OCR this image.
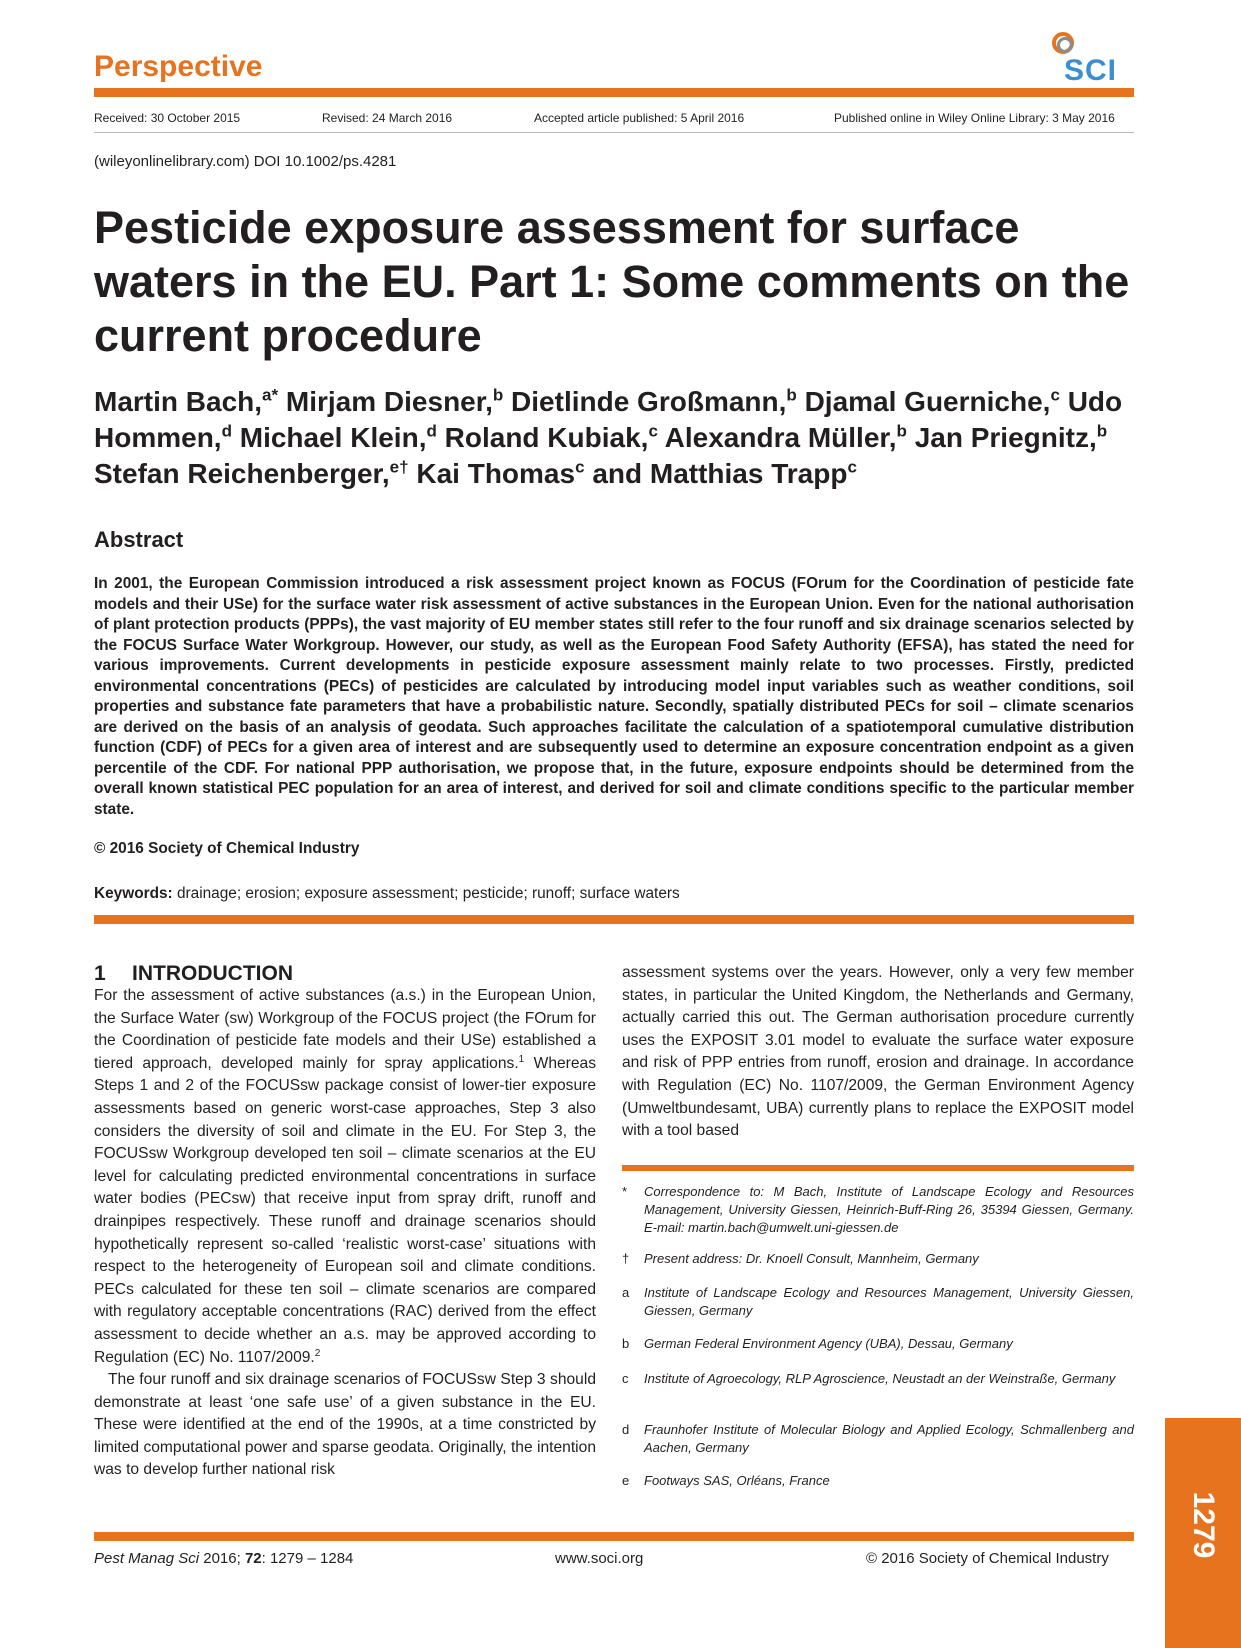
Perspective	SCI
Received: 30 October 2015	Revised: 24 March 2016	Accepted article published: 5 April 2016	Published online in Wiley Online Library: 3 May 2016
(wileyonlinelibrary.com) DOI 10.1002/ps.4281
Pesticide exposure assessment for surface waters in the EU. Part 1: Some comments on the current procedure
Martin Bach,$^{a*}$ Mirjam Diesner,$^b$ Dietlinde Großmann,$^b$ Djamal Guerniche,$^c$ Udo Hommen,$^d$ Michael Klein,$^d$ Roland Kubiak,$^c$ Alexandra Müller,$^b$ Jan Priegnitz,$^b$ Stefan Reichenberger,$^{e\dagger}$ Kai Thomas$^c$ and Matthias Trapp$^c$
Abstract
In 2001, the European Commission introduced a risk assessment project known as FOCUS (FOrum for the Coordination of pesticide fate models and their USe) for the surface water risk assessment of active substances in the European Union. Even for the national authorisation of plant protection products (PPPs), the vast majority of EU member states still refer to the four runoff and six drainage scenarios selected by the FOCUS Surface Water Workgroup. However, our study, as well as the European Food Safety Authority (EFSA), has stated the need for various improvements. Current developments in pesticide exposure assessment mainly relate to two processes. Firstly, predicted environmental concentrations (PECs) of pesticides are calculated by introducing model input variables such as weather conditions, soil properties and substance fate parameters that have a probabilistic nature. Secondly, spatially distributed PECs for soil – climate scenarios are derived on the basis of an analysis of geodata. Such approaches facilitate the calculation of a spatiotemporal cumulative distribution function (CDF) of PECs for a given area of interest and are subsequently used to determine an exposure concentration endpoint as a given percentile of the CDF. For national PPP authorisation, we propose that, in the future, exposure endpoints should be determined from the overall known statistical PEC population for an area of interest, and derived for soil and climate conditions specific to the particular member state.
© 2016 Society of Chemical Industry
Keywords: drainage; erosion; exposure assessment; pesticide; runoff; surface waters
1 INTRODUCTION

For the assessment of active substances (a.s.) in the European Union, the Surface Water (sw) Workgroup of the FOCUS project (the FOrum for the Coordination of pesticide fate models and their USe) established a tiered approach, developed mainly for spray applications.$^1$ Whereas Steps 1 and 2 of the FOCUSsw package consist of lower-tier exposure assessments based on generic worst-case approaches, Step 3 also considers the diversity of soil and climate in the EU. For Step 3, the FOCUSsw Workgroup developed ten soil – climate scenarios at the EU level for calculating predicted environmental concentrations in surface water bodies (PECsw) that receive input from spray drift, runoff and drainpipes respectively. These runoff and drainage scenarios should hypothetically represent so-called ‘realistic worst-case’ situations with respect to the heterogeneity of European soil and climate conditions. PECs calculated for these ten soil – climate scenarios are compared with regulatory acceptable concentrations (RAC) derived from the effect assessment to decide whether an a.s. may be approved according to Regulation (EC) No. 1107/2009.$^2$

The four runoff and six drainage scenarios of FOCUSsw Step 3 should demonstrate at least ‘one safe use’ of a given substance in the EU. These were identified at the end of the 1990s, at a time constricted by limited computational power and sparse geodata. Originally, the intention was to develop further national risk

assessment systems over the years. However, only a very few member states, in particular the United Kingdom, the Netherlands and Germany, actually carried this out. The German authorisation procedure currently uses the EXPOSIT 3.01 model to evaluate the surface water exposure and risk of PPP entries from runoff, erosion and drainage. In accordance with Regulation (EC) No. 1107/2009, the German Environment Agency (Umweltbundesamt, UBA) currently plans to replace the EXPOSIT model with a tool based
*	Correspondence to: M Bach, Institute of Landscape Ecology and Resources Management, University Giessen, Heinrich-Buff-Ring 26, 35394 Giessen, Germany. E-mail: martin.bach@umwelt.uni-giessen.de
†	Present address: Dr. Knoell Consult, Mannheim, Germany
a	Institute of Landscape Ecology and Resources Management, University Giessen, Giessen, Germany
b	German Federal Environment Agency (UBA), Dessau, Germany
c	Institute of Agroecology, RLP Agroscience, Neustadt an der Weinstraße, Germany
d	Fraunhofer Institute of Molecular Biology and Applied Ecology, Schmallenberg and Aachen, Germany
e	Footways SAS, Orléans, France
1279
Pest Manag Sci 2016; 72: 1279 – 1284	www.soci.org	© 2016 Society of Chemical Industry
